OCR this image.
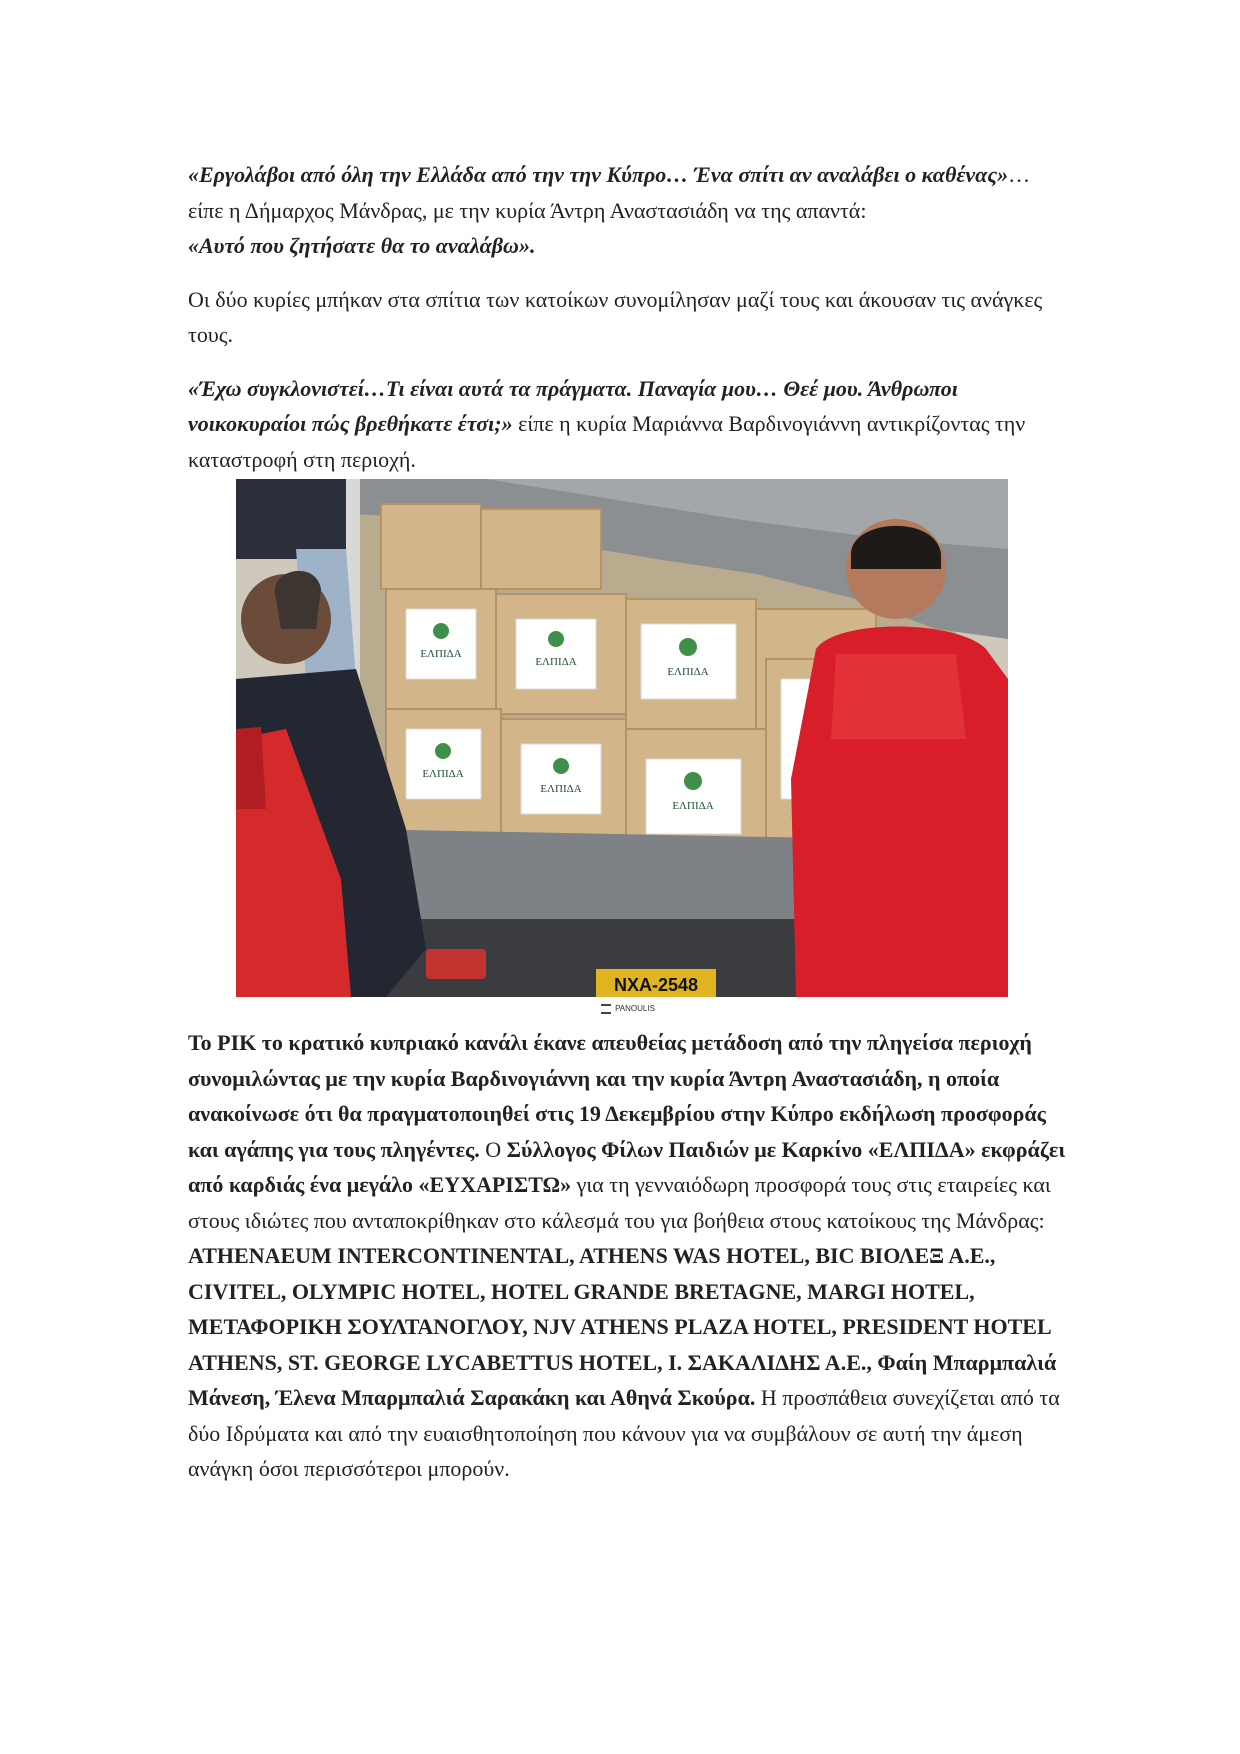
«Εργολάβοι από όλη την Ελλάδα από την την Κύπρο… Ένα σπίτι αν αναλάβει ο καθένας»… είπε η Δήμαρχος Μάνδρας, με την κυρία Άντρη Αναστασιάδη να της απαντά:
«Αυτό που ζητήσατε θα το αναλάβω».

Οι δύο κυρίες μπήκαν στα σπίτια των κατοίκων συνομίλησαν μαζί τους και άκουσαν τις ανάγκες τους.

«Έχω συγκλονιστεί…Τι είναι αυτά τα πράγματα. Παναγία μου… Θεέ μου. Άνθρωποι νοικοκυραίοι πώς βρεθήκατε έτσι;» είπε η κυρία Μαριάννα Βαρδινογιάννη αντικρίζοντας την καταστροφή στη περιοχή.

ΕΛΠΙΔΑ
ΕΛΠΙΔΑ
ΕΛΠΙΔΑ
ΕΛΠΙΔΑ
ΕΛΠΙΔΑ
ΕΛΠΙΔΑ
ΝΧΑ-2548
PANOULIS

Το ΡΙΚ το κρατικό κυπριακό κανάλι έκανε απευθείας μετάδοση από την πληγείσα περιοχή συνομιλώντας με την κυρία Βαρδινογιάννη και την κυρία Άντρη Αναστασιάδη, η οποία ανακοίνωσε ότι θα πραγματοποιηθεί στις 19 Δεκεμβρίου στην Κύπρο εκδήλωση προσφοράς και αγάπης για τους πληγέντες. Ο Σύλλογος Φίλων Παιδιών με Καρκίνο «ΕΛΠΙΔΑ» εκφράζει από καρδιάς ένα μεγάλο «ΕΥΧΑΡΙΣΤΩ» για τη γενναιόδωρη προσφορά τους στις εταιρείες και στους ιδιώτες που ανταποκρίθηκαν στο κάλεσμά του για βοήθεια στους κατοίκους της Μάνδρας: ATHENAEUM INTERCONTINENTAL, ATHENS WAS HOTEL, BIC ΒΙΟΛΕΞ Α.Ε., CIVITEL, OLYMPIC HOTEL, HOTEL GRANDE BRETAGNE, MARGI HOTEL, ΜΕΤΑΦΟΡΙΚΗ ΣΟΥΛΤΑΝΟΓΛΟΥ, NJV ATHENS PLAZA HOTEL, PRESIDENT HOTEL ATHENS, ST. GEORGE LYCABETTUS HOTEL, Ι. ΣΑΚΑΛΙΔΗΣ Α.Ε., Φαίη Μπαρμπαλιά Μάνεση, Έλενα Μπαρμπαλιά Σαρακάκη και Αθηνά Σκούρα. Η προσπάθεια συνεχίζεται από τα δύο Ιδρύματα και από την ευαισθητοποίηση που κάνουν για να συμβάλουν σε αυτή την άμεση ανάγκη όσοι περισσότεροι μπορούν.
